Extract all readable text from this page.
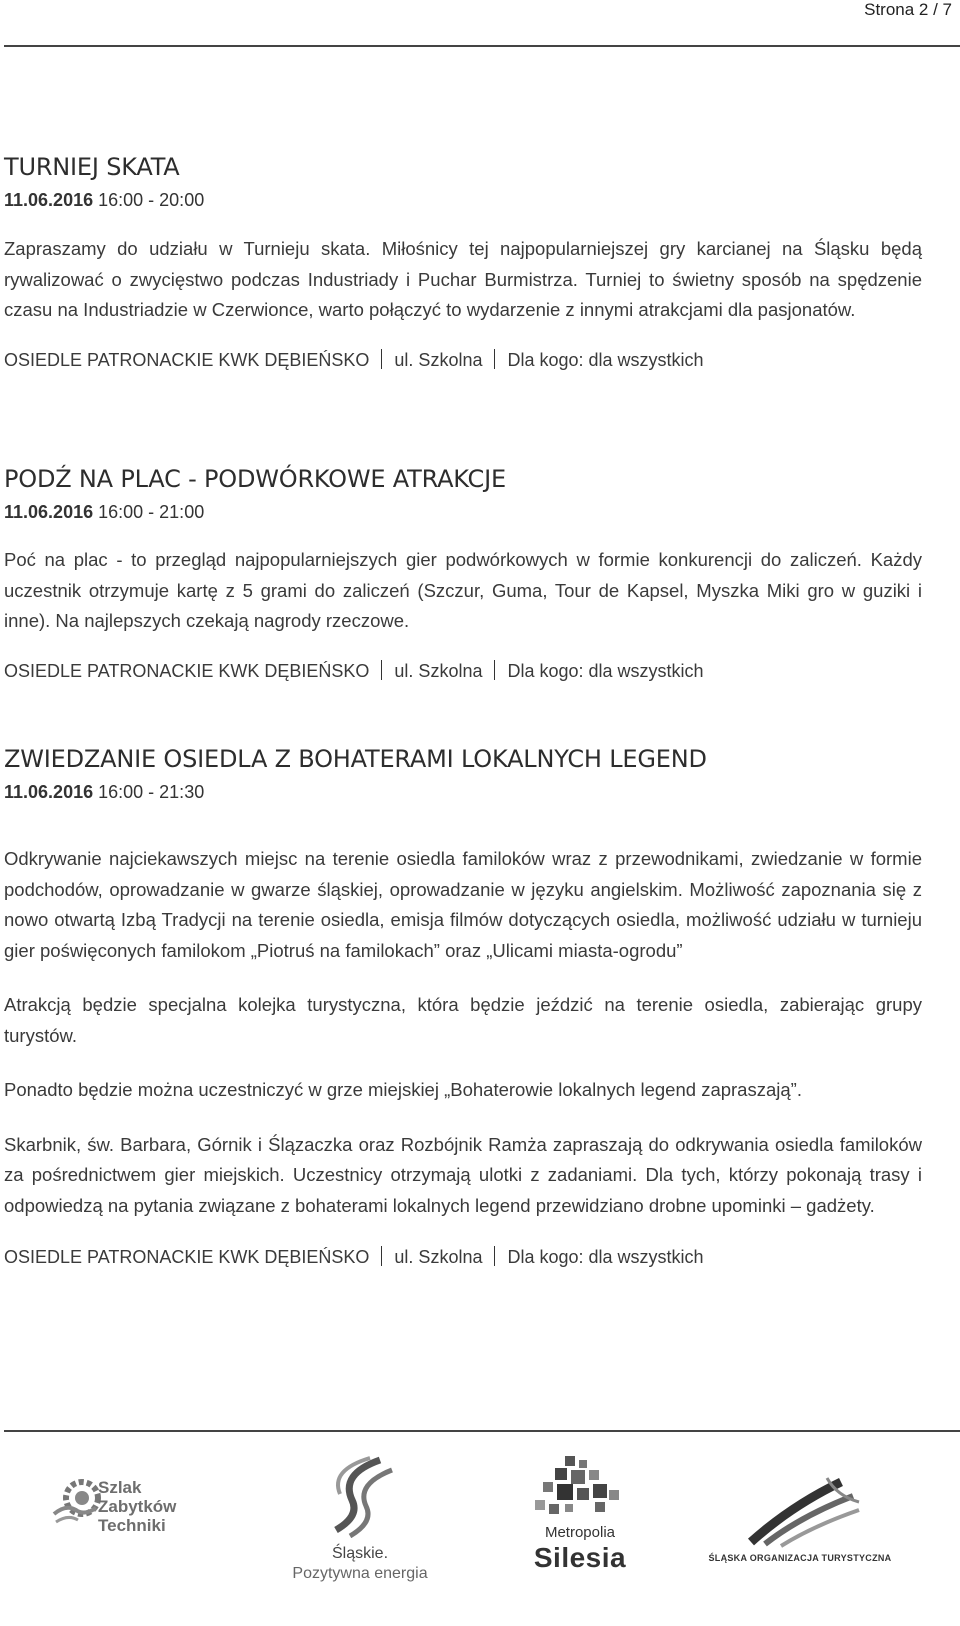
Strona 2 / 7
TURNIEJ SKATA
11.06.2016 16:00 - 20:00

Zapraszamy do udziału w Turnieju skata. Miłośnicy tej najpopularniejszej gry karcianej na Śląsku będą rywalizować o zwycięstwo podczas Industriady i Puchar Burmistrza. Turniej to świetny sposób na spędzenie czasu na Industriadzie w Czerwionce, warto połączyć to wydarzenie z innymi atrakcjami dla pasjonatów.

OSIEDLE PATRONACKIE KWK DĘBIEŃSKO ul. Szkolna Dla kogo: dla wszystkich
PODŹ NA PLAC - PODWÓRKOWE ATRAKCJE
11.06.2016 16:00 - 21:00

Poć na plac - to przegląd najpopularniejszych gier podwórkowych w formie konkurencji do zaliczeń. Każdy uczestnik otrzymuje kartę z 5 grami do zaliczeń (Szczur, Guma, Tour de Kapsel, Myszka Miki gro w guziki i inne). Na najlepszych czekają nagrody rzeczowe.

OSIEDLE PATRONACKIE KWK DĘBIEŃSKO ul. Szkolna Dla kogo: dla wszystkich
ZWIEDZANIE OSIEDLA Z BOHATERAMI LOKALNYCH LEGEND
11.06.2016 16:00 - 21:30

Odkrywanie najciekawszych miejsc na terenie osiedla familoków wraz z przewodnikami, zwiedzanie w formie podchodów, oprowadzanie w gwarze śląskiej, oprowadzanie w języku angielskim. Możliwość zapoznania się z nowo otwartą Izbą Tradycji na terenie osiedla, emisja filmów dotyczących osiedla, możliwość udziału w turnieju gier poświęconych familokom „Piotruś na familokach” oraz „Ulicami miasta-ogrodu”

Atrakcją będzie specjalna kolejka turystyczna, która będzie jeździć na terenie osiedla, zabierając grupy turystów.

Ponadto będzie można uczestniczyć w grze miejskiej „Bohaterowie lokalnych legend zapraszają”.

Skarbnik, św. Barbara, Górnik i Ślązaczka oraz Rozbójnik Ramża zapraszają do odkrywania osiedla familoków za pośrednictwem gier miejskich. Uczestnicy otrzymają ulotki z zadaniami. Dla tych, którzy pokonają trasy i odpowiedzą na pytania związane z bohaterami lokalnych legend przewidziano drobne upominki – gadżety.

OSIEDLE PATRONACKIE KWK DĘBIEŃSKO ul. Szkolna Dla kogo: dla wszystkich
Szlak
Zabytków
Techniki
Śląskie.
Pozytywna energia
Metropolia
Silesia	ŚLĄSKA ORGANIZACJA TURYSTYCZNA
